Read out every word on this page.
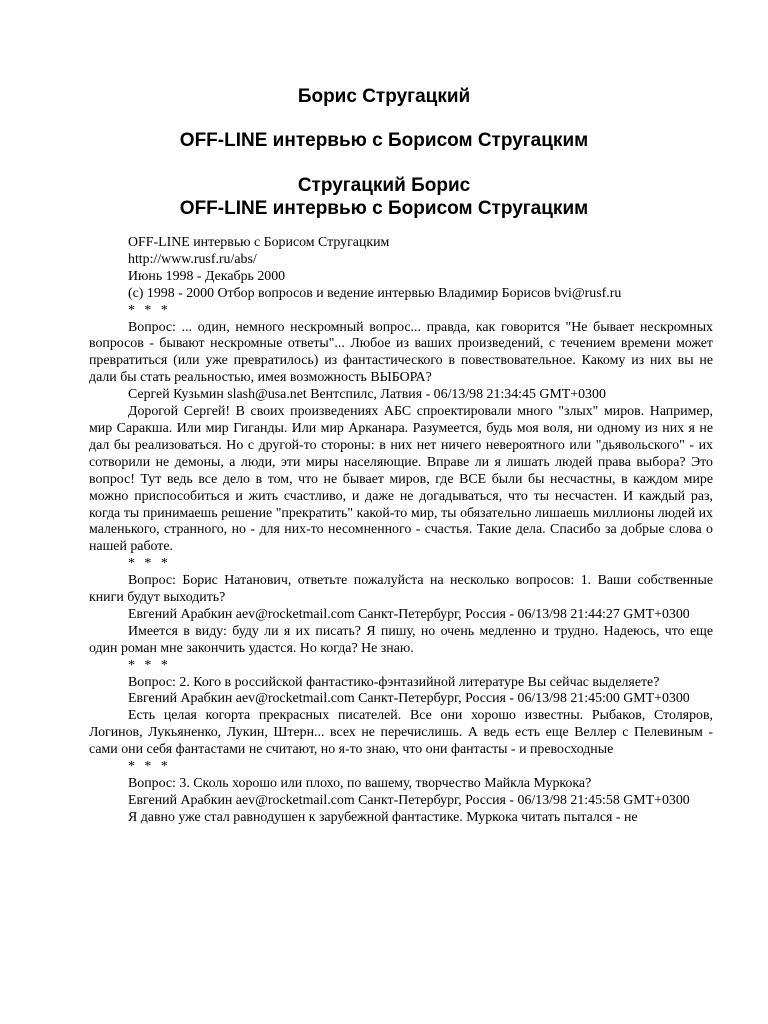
Борис Стругацкий
OFF-LINE интервью с Борисом Стругацким
Стругацкий Борис
OFF-LINE интервью с Борисом Стругацким

OFF-LINE интервью с Борисом Стругацким

http://www.rusf.ru/abs/

Июнь 1998 - Декабрь 2000

(с) 1998 - 2000 Отбор вопросов и ведение интервью Владимир Борисов bvi@rusf.ru

* * *

Вопрос: ... один, немного нескромный вопрос... правда, как говорится "Не бывает нескромных вопросов - бывают нескромные ответы"... Любое из ваших произведений, с течением времени может превратиться (или уже превратилось) из фантастического в повествовательное. Какому из них вы не дали бы стать реальностью, имея возможность ВЫБОРА?

Сергей Кузьмин slash@usa.net Вентспилс, Латвия - 06/13/98 21:34:45 GMT+0300

Дорогой Сергей! В своих произведениях АБС спроектировали много "злых" миров. Например, мир Саракша. Или мир Гиганды. Или мир Арканара. Разумеется, будь моя воля, ни одному из них я не дал бы реализоваться. Но с другой-то стороны: в них нет ничего невероятного или "дьявольского" - их сотворили не демоны, а люди, эти миры населяющие. Вправе ли я лишать людей права выбора? Это вопрос! Тут ведь все дело в том, что не бывает миров, где ВСЕ были бы несчастны, в каждом мире можно приспособиться и жить счастливо, и даже не догадываться, что ты несчастен. И каждый раз, когда ты принимаешь решение "прекратить" какой-то мир, ты обязательно лишаешь миллионы людей их маленького, странного, но - для них-то несомненного - счастья. Такие дела. Спасибо за добрые слова о нашей работе.

* * *

Вопрос: Борис Натанович, ответьте пожалуйста на несколько вопросов: 1. Ваши собственные книги будут выходить?

Евгений Арабкин aev@rocketmail.com Санкт-Петербург, Россия - 06/13/98 21:44:27 GMT+0300

Имеется в виду: буду ли я их писать? Я пишу, но очень медленно и трудно. Надеюсь, что еще один роман мне закончить удастся. Но когда? Не знаю.

* * *

Вопрос: 2. Кого в российской фантастико-фэнтазийной литературе Вы сейчас выделяете?

Евгений Арабкин aev@rocketmail.com Санкт-Петербург, Россия - 06/13/98 21:45:00 GMT+0300

Есть целая когорта прекрасных писателей. Все они хорошо известны. Рыбаков, Столяров, Логинов, Лукьяненко, Лукин, Штерн... всех не перечислишь. А ведь есть еще Веллер с Пелевиным - сами они себя фантастами не считают, но я-то знаю, что они фантасты - и превосходные

* * *

Вопрос: 3. Сколь хорошо или плохо, по вашему, творчество Майкла Муркока?

Евгений Арабкин aev@rocketmail.com Санкт-Петербург, Россия - 06/13/98 21:45:58 GMT+0300

Я давно уже стал равнодушен к зарубежной фантастике. Муркока читать пытался - не
